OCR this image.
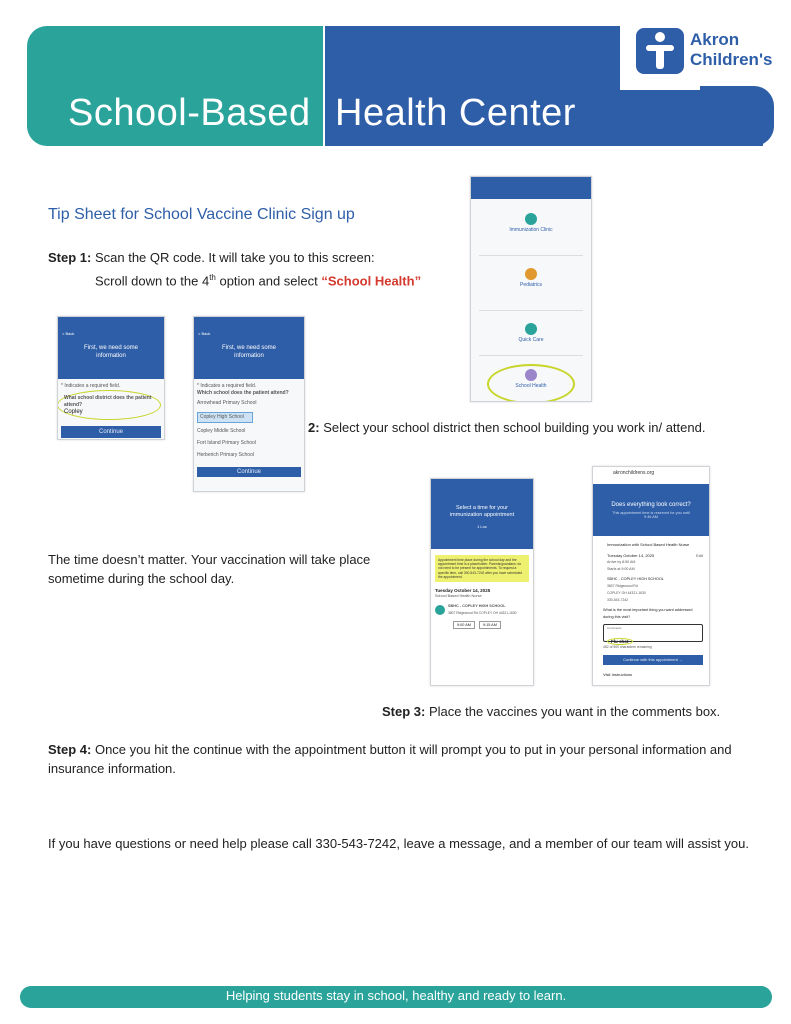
School-Based Health Center
Akron
Children's
Tip Sheet for School Vaccine Clinic Sign up
Step 1: Scan the QR code. It will take you to this screen:
Scroll down to the 4th option and select “School Health”
Immunization Clinic
Pediatrics
Quick Care
School Health
< Back
First, we need some information
* Indicates a required field.
What school district does the patient attend?
Copley
Continue
< Back
First, we need some information
* Indicates a required field.
Which school does the patient attend?
Arrowhead Primary School
Copley High School
Copley Middle School
Fort Island Primary School
Herberich Primary School
Continue
2: Select your school district then school building you work in/ attend.
Select a time for your immunization appointment
1 Loc
Appointment time place during the school day and the appointment time is a placeholder. Parents/guardians: do not need to be present for appointments. To request a specific time, call 330-543-7242 after you have scheduled the appointment.
Tuesday October 14, 2025
School Based Health Nurse
SBHC - COPLEY HIGH SCHOOL
3807 Ridgewood Rd COPLEY OH 44321-1630
9:00 AM	9:15 AM
akronchildrens.org
Does everything look correct?
This appointment time is reserved for you until 9:46 AM
Immunization with School Based Health Nurse
Tuesday October 14, 2025
Arrive by 8:50 AM
Starts at 9:00 AM
Edit
SBHC - COPLEY HIGH SCHOOL
3807 Ridgewood Rd
COPLEY OH 44321-1630
330-543-7242
What is the most important thing you want addressed during this visit?
Comments
Flu shot
452 of 500 characters remaining
Continue with this appointment →
Visit Instructions
The time doesn’t matter. Your vaccination will take place sometime during the school day.
Step 3: Place the vaccines you want in the comments box.
Step 4: Once you hit the continue with the appointment button it will prompt you to put in your personal information and insurance information.
If you have questions or need help please call 330-543-7242, leave a message, and a member of our team will assist you.
Helping students stay in school, healthy and ready to learn.
